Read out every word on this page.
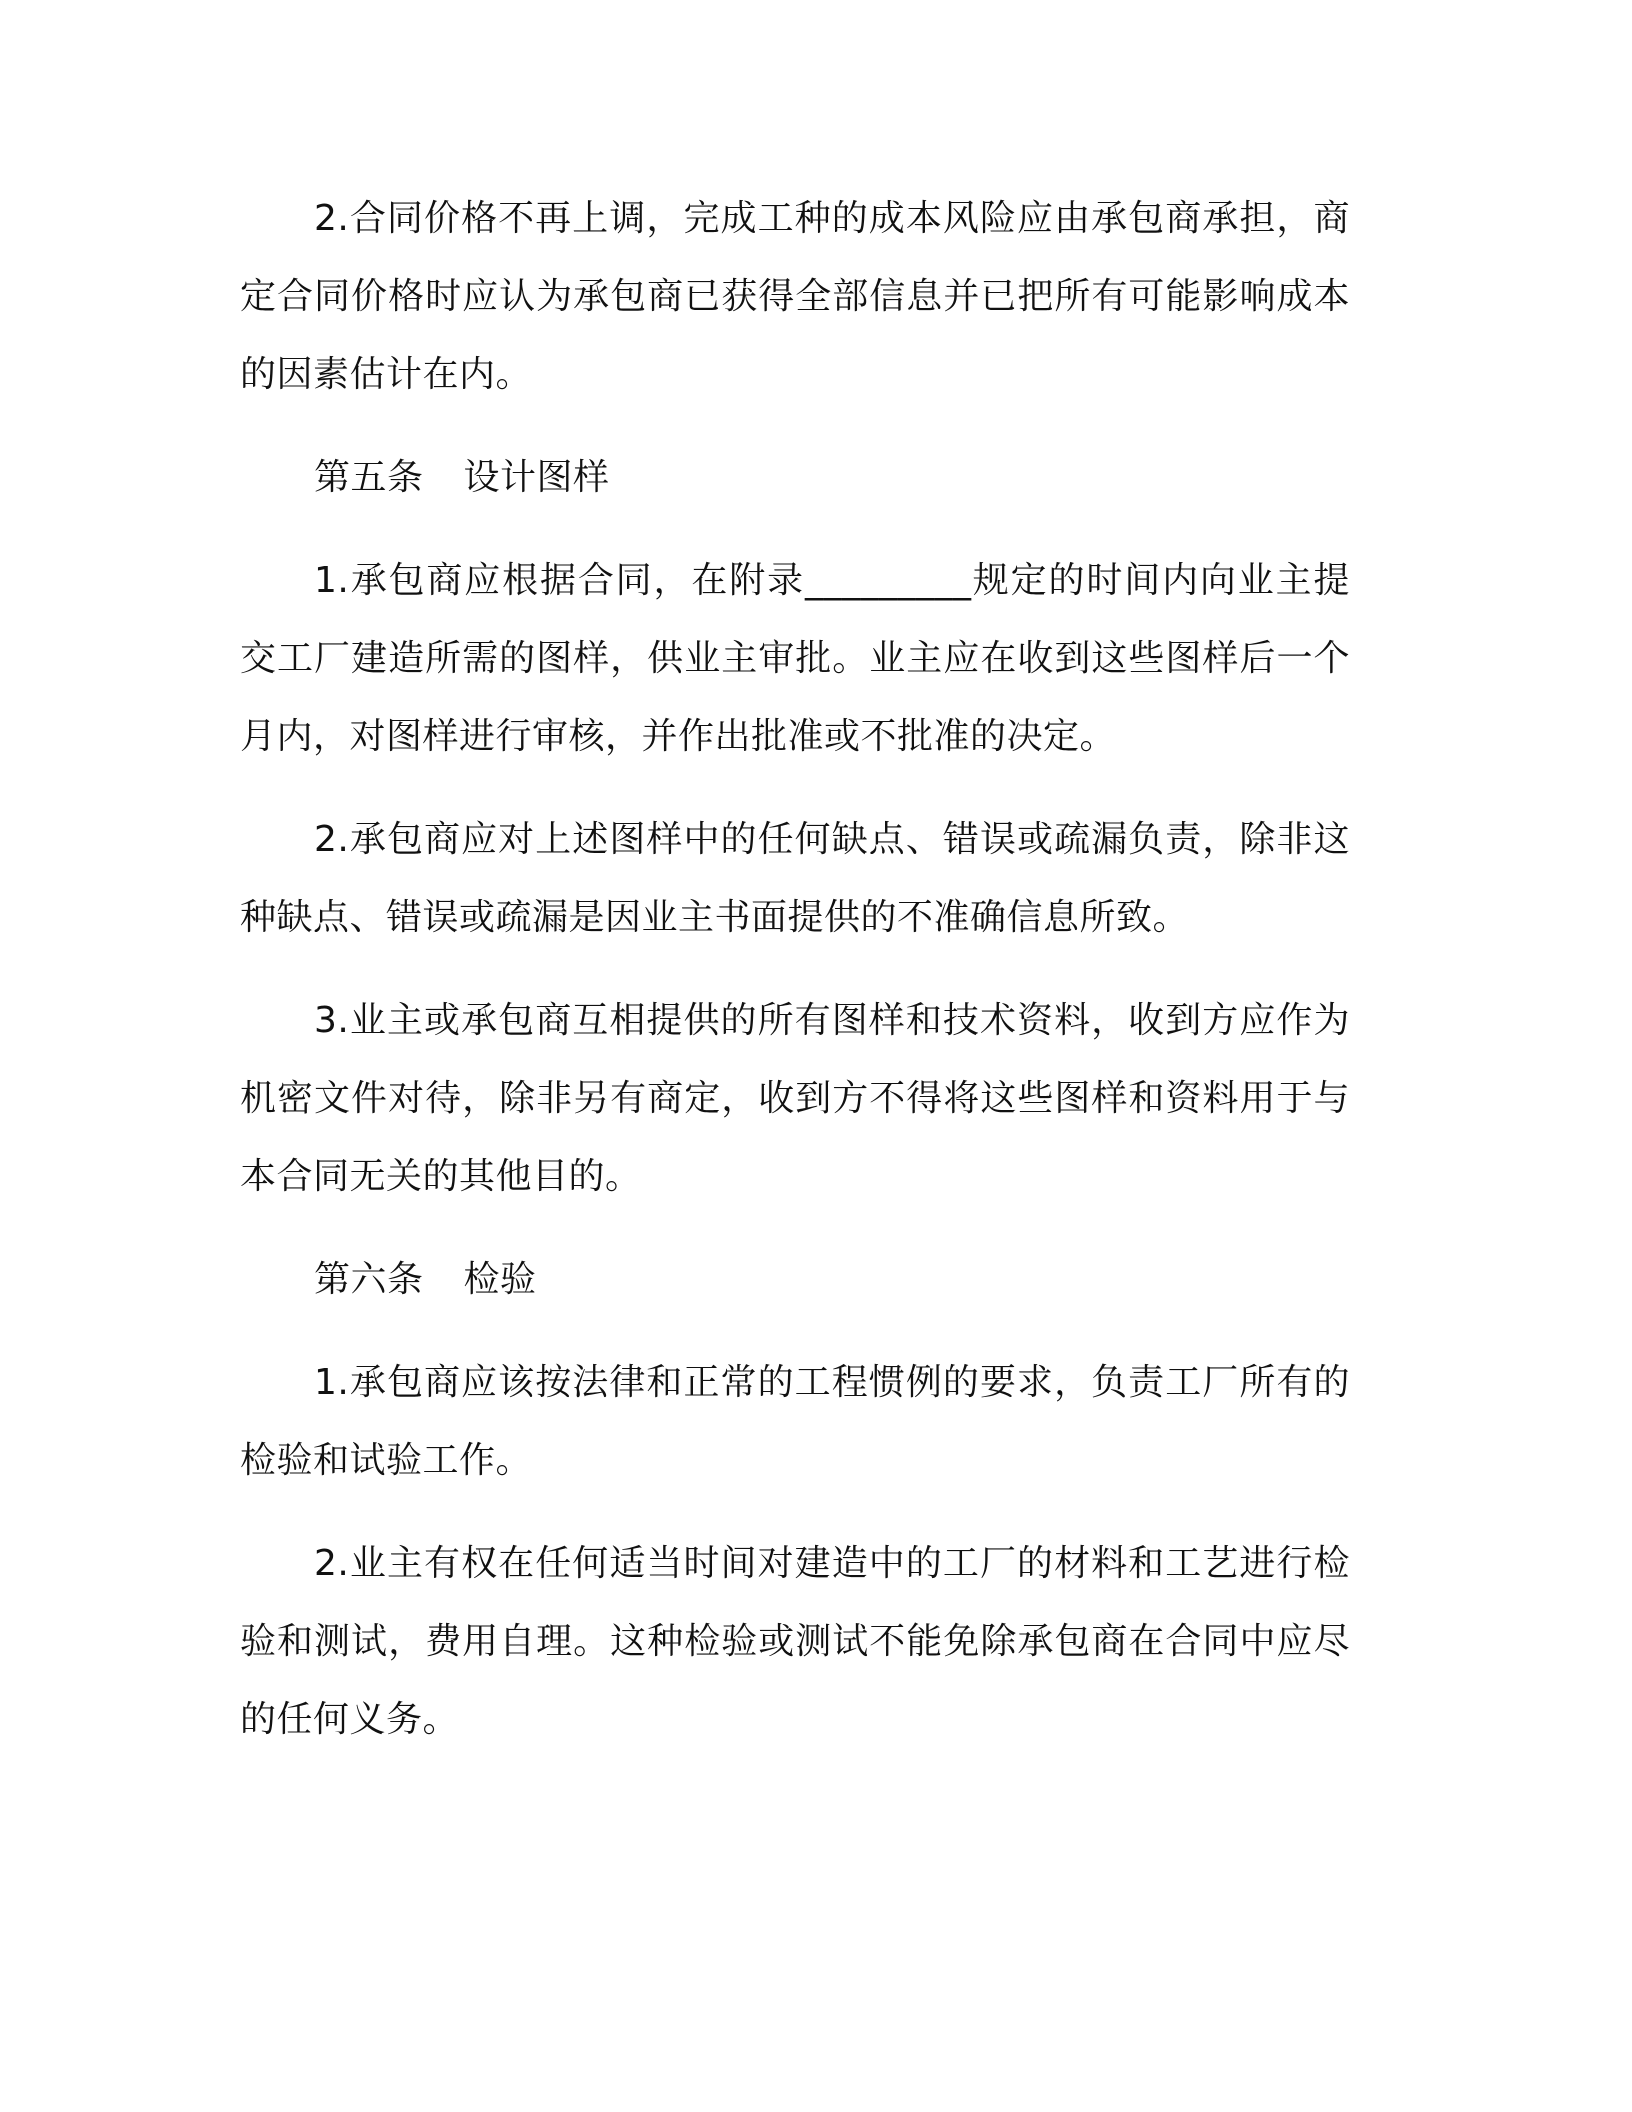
2.合同价格不再上调，完成工种的成本风险应由承包商承担，商定合同价格时应认为承包商已获得全部信息并已把所有可能影响成本的因素估计在内。

第五条 设计图样

1.承包商应根据合同，在附录_________规定的时间内向业主提交工厂建造所需的图样，供业主审批。业主应在收到这些图样后一个月内，对图样进行审核，并作出批准或不批准的决定。

2.承包商应对上述图样中的任何缺点、错误或疏漏负责，除非这种缺点、错误或疏漏是因业主书面提供的不准确信息所致。

3.业主或承包商互相提供的所有图样和技术资料，收到方应作为机密文件对待，除非另有商定，收到方不得将这些图样和资料用于与本合同无关的其他目的。

第六条 检验

1.承包商应该按法律和正常的工程惯例的要求，负责工厂所有的检验和试验工作。

2.业主有权在任何适当时间对建造中的工厂的材料和工艺进行检验和测试，费用自理。这种检验或测试不能免除承包商在合同中应尽的任何义务。
